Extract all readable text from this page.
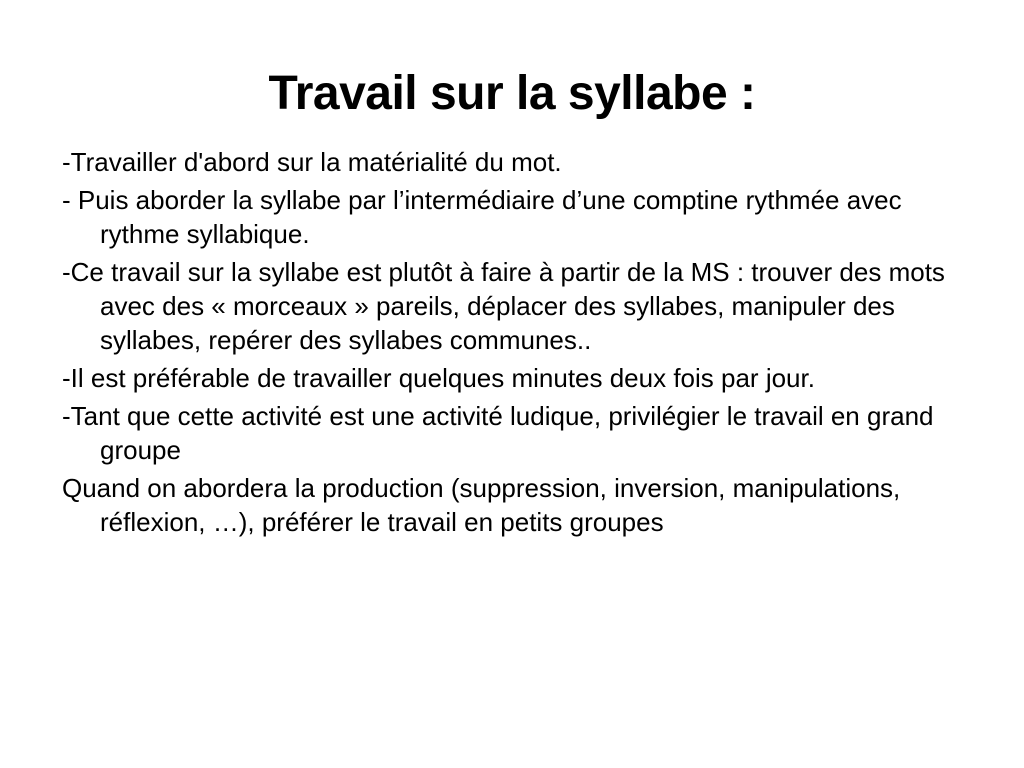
Travail sur la syllabe :
-Travailler d'abord sur la matérialité du mot.
- Puis aborder la syllabe par l’intermédiaire d’une comptine rythmée avec rythme syllabique.
-Ce travail sur la syllabe est plutôt à faire à partir de la MS : trouver des mots avec des « morceaux » pareils, déplacer des syllabes, manipuler des syllabes, repérer des syllabes communes..
-Il est préférable de travailler quelques minutes deux fois par jour.
-Tant que cette activité est une activité ludique, privilégier le travail en grand groupe
Quand on abordera la production (suppression, inversion, manipulations, réflexion, …), préférer le travail en petits groupes
